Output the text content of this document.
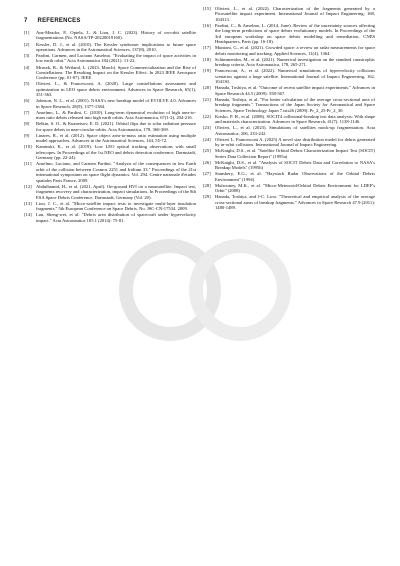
7 REFERENCES
[1]	Anz-Meador, P., Opiela, J., & Liou, J. C. (2023). History of on-orbit satellite fragmentations (No. NASA/TP-20220019160).
[2]	Kessler, D. J., et al. (2010). The Kessler syndrome: implications to future space operations. Advances in the Astronautical Sciences, 137(8), 2010.
[3]	Pardini, Carmen, and Luciano Anselmo. "Evaluating the impact of space activities in low earth orbit." Acta Astronautica 184 (2021): 11-22.
[4]	Mrusek, B., & Weiland, L. (2023, March). Space Commercialization and the Rise of Constellations: The Resulting Impact on the Kessler Effect. In 2023 IEEE Aerospace Conference (pp. 01-07). IEEE.
[5]	Olivieri, L., & Francesconi, A. (2020). Large constellations assessment and optimization in LEO space debris environment. Advances in Space Research, 65(1), 351-363.
[6]	Johnson, N. L., et al. (2001). NASA's new breakup model of EVOLVE 4.0. Advances in Space Research, 28(9), 1377-1384.
[7]	Anselmo, L., & Pardini, C. (2010). Long-term dynamical evolution of high area-to-mass ratio debris released into high earth orbits. Acta Astronautica, 67(1-2), 204-216.
[8]	Belkin, S. O., & Kuznetsov, E. D. (2021). Orbital flips due to solar radiation pressure for space debris in near-circular orbits. Acta Astronautica, 178, 360-369.
[9]	Linares, R., et al. (2012). Space object area-to-mass ratio estimation using multiple model approaches. Advances in the Astronautical Sciences, 144, 55-72.
[10] Kaminski, K., et al. (2019). Low LEO optical tracking observations with small telescopes. In Proceedings of the 1st NEO and debris detection conference, Darmstadt, Germany (pp. 22-24).
[11] Anselmo, Luciano, and Carmen Pardini. "Analysis of the consequences in low Earth orbit of the collision between Cosmos 2251 and Iridium 33." Proceedings of the 21st international symposium on space flight dynamics. Vol. 294. Centre nationale d'etudes spatiales Paris France, 2009.
[12] Abdulhamid, H., et al. (2021, April). On-ground HVI on a nanosatellite. Impact test, fragments recovery and characterization, impact simulations. In Proceedings of the 8th ESA Space Debris Conference, Darmstadt, Germany (Vol. 20).
[13] Liou, J. C., et al. "Micro-satellite impact tests to investigate multi-layer insulation fragments." 5th European Conference on Space Debris. No. JSC-CN-17534. 2009.
[14] Lan, Sheng-wei, et al. "Debris area distribution of spacecraft under hypervelocity impact." Acta Astronautica 105.1 (2014): 75-81.
[15] Olivieri, L., et al. (2022). Characterization of the fragments generated by a Picosatellite impact experiment. International Journal of Impact Engineering, 168, 104313.
[16] Pardini, C., & Anselmo, L. (2014, June). Review of the uncertainty sources affecting the long-term predictions of space debris evolutionary models. In Proceedings of the 3rd european workshop on space debris modelling and remediation, CNES Headquarters, Paris (pp. 16-18).
[17] Muntoni, G., et al. (2021). Crowded space: a review on radar measurements for space debris monitoring and tracking. Applied Sciences, 11(4), 1364.
[18] Schimmerohn, M., et al. (2021). Numerical investigation on the standard catastrophic breakup criteria. Acta Astronautica, 178, 265-271.
[19] Francesconi, A., et al. (2022). Numerical simulations of hypervelocity collisions scenarios against a large satellite. International Journal of Impact Engineering, 162, 104130.
[20] Hanada, Toshiya, et al. "Outcome of recent satellite impact experiments." Advances in Space Research 44.5 (2009): 558-567.
[21] Hanada, Toshiya, et al. "For better calculation of the average cross-sectional area of breakup fragments." Transactions of the Japan Society for Aeronautical and Space Sciences, Space Technology Japan 7.ists26 (2009): Pr_2_25-Pr_2_30.
[22] Krisko, P. H., et al. (2008). SOCIT4 collisional-breakup test data analysis: With shape and materials characterization. Advances in Space Research, 41(7), 1138-1146.
[23] Olivieri, L., et al. (2023). Simulations of satellites mock-up fragmentation. Acta Astronautica, 206, 233-242.
[24] Olivieri L, Francesconi A. (2025) A novel size distribution model for debris generated by in-orbit collisions. International Journal of Impact Engineering.
[25] McKnight, D.S., et al. "Satellite Orbital Debris Characterization Impact Test (SOCIT) Series Data Collection Report" (1995a)
[26] McKnight, D.S., et al. "Analysis of SOCIT Debris Data and Correlation to NASA's Breakup Models" (1995b)
[27] Stansbery, E.G., et al. "Haystack Radar Observations of the Orbital Debris Environment" (1994)
[28] Mulrooney, M.K., et al. "Micro-Meteoroid/Orbital Debris Environment for LDEF's Orbit" (2008)
[29] Hanada, Toshiya, and J-C. Liou. "Theoretical and empirical analysis of the average cross-sectional areas of breakup fragments." Advances in Space Research 47.9 (2011): 1480-1489.
